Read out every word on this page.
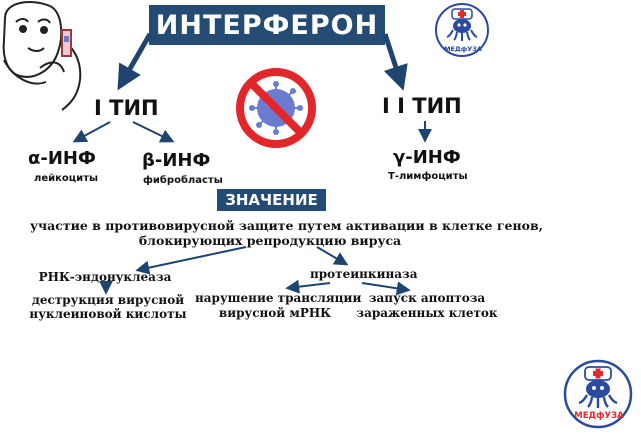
ИНТЕРФЕРОН
МЕДфУЗА
МЕДфУЗА
I ТИП	I I ТИП
α-ИНФ
лейкоциты
β-ИНФ
фибробласты
γ-ИНФ
Т-лимфоциты
ЗНАЧЕНИЕ
участие в противовирусной защите путем активации в клетке генов,
блокирующих репродукцию вируса
РНК-эндонуклеаза
деструкция вирусной
нуклеиновой кислоты
протеинкиназа
нарушение трансляции
вирусной мРНК
запуск апоптоза
зараженных клеток
